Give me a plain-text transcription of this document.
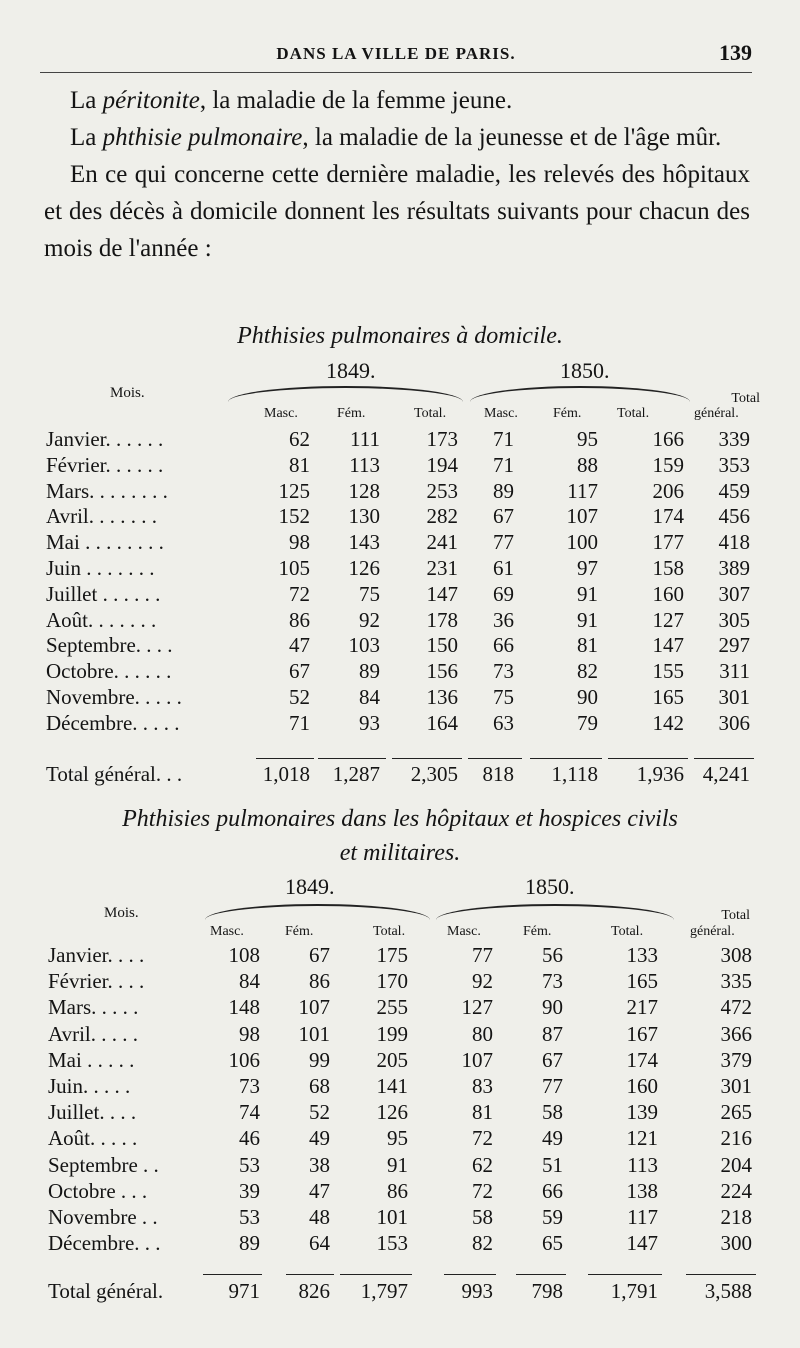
DANS LA VILLE DE PARIS.	139

La péritonite, la maladie de la femme jeune.

La phthisie pulmonaire, la maladie de la jeunesse et de l'âge mûr.

En ce qui concerne cette dernière maladie, les relevés des hôpitaux et des décès à domicile donnent les résultats suivants pour chacun des mois de l'année :

Phthisies pulmonaires à domicile.
1849.	1850.
Mois.	Total
Masc.	Fém.	Total.	Masc.	Fém.	Total.	général.
Janvier. . . . . .	62	111	173	71	95	166	339
Février. . . . . .	81	113	194	71	88	159	353
Mars. . . . . . . .	125	128	253	89	117	206	459
Avril. . . . . . .	152	130	282	67	107	174	456
Mai . . . . . . . .	98	143	241	77	100	177	418
Juin . . . . . . .	105	126	231	61	97	158	389
Juillet . . . . . .	72	75	147	69	91	160	307
Août. . . . . . .	86	92	178	36	91	127	305
Septembre. . . .	47	103	150	66	81	147	297
Octobre. . . . . .	67	89	156	73	82	155	311
Novembre. . . . .	52	84	136	75	90	165	301
Décembre. . . . .	71	93	164	63	79	142	306
Total général. . .	1,018	1,287	2,305	818	1,118	1,936 4,241
Phthisies pulmonaires dans les hôpitaux et hospices civils
et militaires.
1849.	1850.
Mois.	Total
Masc.	Fém.	Total.	Masc.	Fém.	Total.	général.
Janvier. . . .	108	67	175	77	56	133	308
Février. . . .	84	86	170	92	73	165	335
Mars. . . . .	148	107	255	127	90	217	472
Avril. . . . .	98	101	199	80	87	167	366
Mai . . . . .	106	99	205	107	67	174	379
Juin. . . . .	73	68	141	83	77	160	301
Juillet. . . .	74	52	126	81	58	139	265
Août. . . . .	46	49	95	72	49	121	216
Septembre . .	53	38	91	62	51	113	204
Octobre . . .	39	47	86	72	66	138	224
Novembre . .	53	48	101	58	59	117	218
Décembre. . .	89	64	153	82	65	147	300
Total général.	971	826	1,797	993	798	1,791	3,588
